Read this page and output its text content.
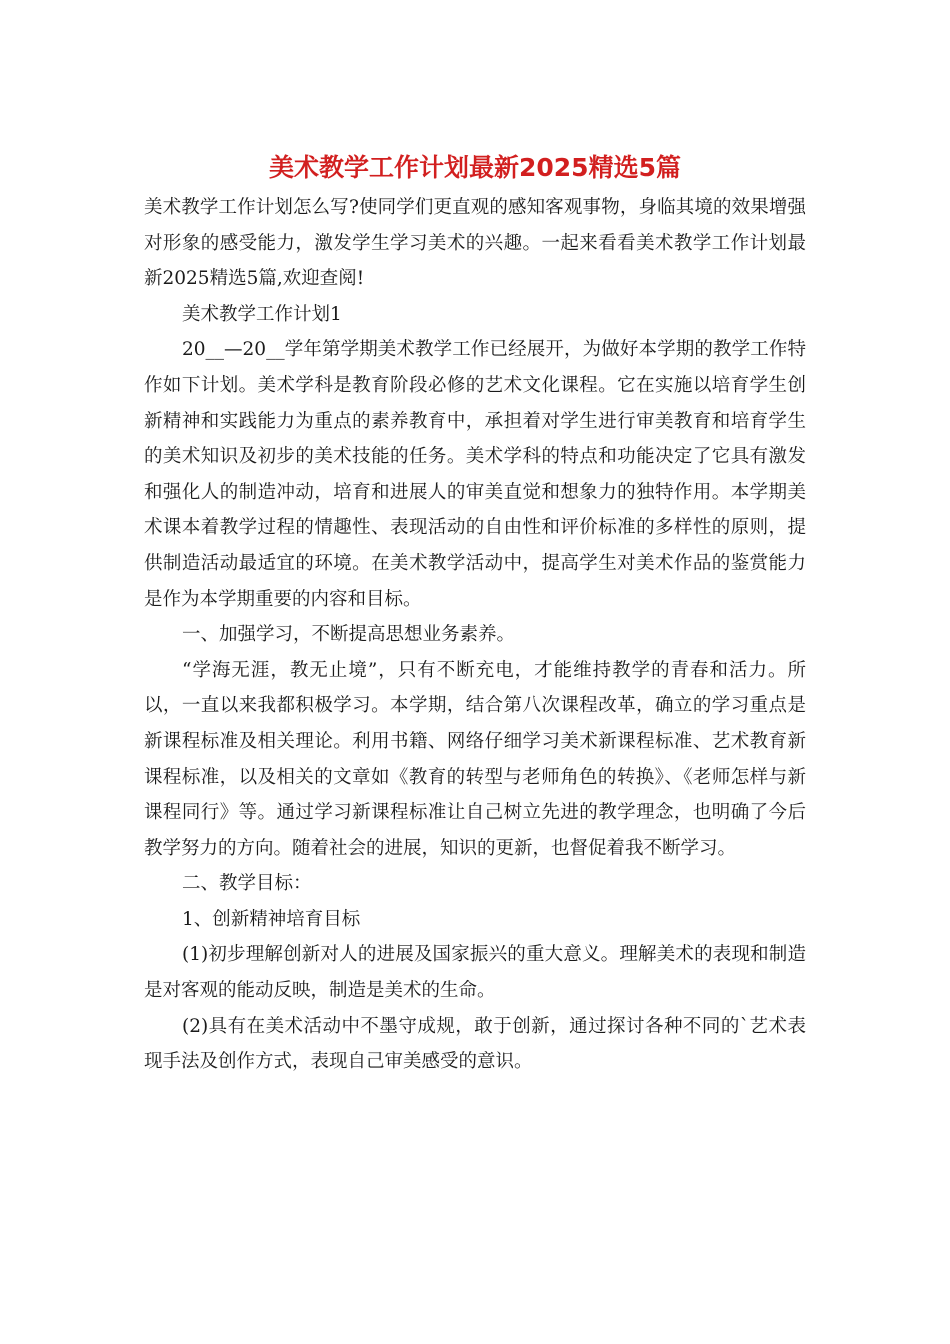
美术教学工作计划最新2025精选5篇

美术教学工作计划怎么写?使同学们更直观的感知客观事物，身临其境的效果增强对形象的感受能力，激发学生学习美术的兴趣。一起来看看美术教学工作计划最新2025精选5篇,欢迎查阅!

美术教学工作计划1

20__—20__学年第学期美术教学工作已经展开，为做好本学期的教学工作特作如下计划。美术学科是教育阶段必修的艺术文化课程。它在实施以培育学生创新精神和实践能力为重点的素养教育中，承担着对学生进行审美教育和培育学生的美术知识及初步的美术技能的任务。美术学科的特点和功能决定了它具有激发和强化人的制造冲动，培育和进展人的审美直觉和想象力的独特作用。本学期美术课本着教学过程的情趣性、表现活动的自由性和评价标准的多样性的原则，提供制造活动最适宜的环境。在美术教学活动中，提高学生对美术作品的鉴赏能力是作为本学期重要的内容和目标。

一、加强学习，不断提高思想业务素养。

“学海无涯，教无止境”，只有不断充电，才能维持教学的青春和活力。所以，一直以来我都积极学习。本学期，结合第八次课程改革，确立的学习重点是新课程标准及相关理论。利用书籍、网络仔细学习美术新课程标准、艺术教育新课程标准，以及相关的文章如《教育的转型与老师角色的转换》、《老师怎样与新课程同行》等。通过学习新课程标准让自己树立先进的教学理念，也明确了今后教学努力的方向。随着社会的进展，知识的更新，也督促着我不断学习。

二、教学目标：

1、创新精神培育目标

(1)初步理解创新对人的进展及国家振兴的重大意义。理解美术的表现和制造是对客观的能动反映，制造是美术的生命。

(2)具有在美术活动中不墨守成规，敢于创新，通过探讨各种不同的`艺术表现手法及创作方式，表现自己审美感受的意识。
